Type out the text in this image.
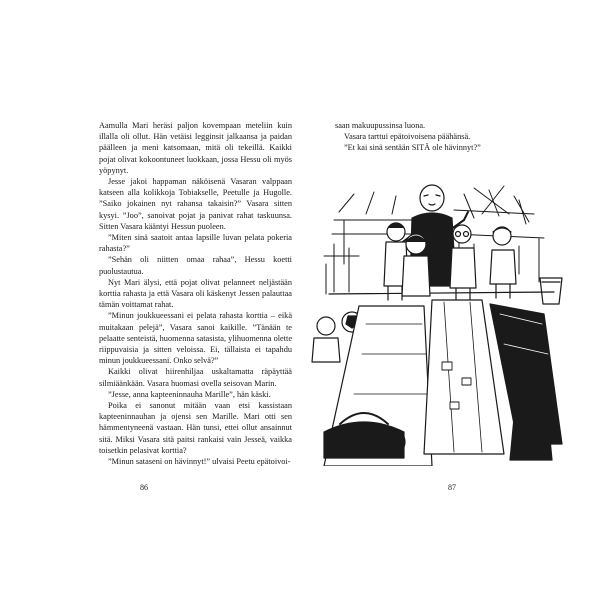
Aamulla Mari heräsi paljon kovempaan meteliin kuin illalla oli ollut. Hän vetäisi legginsit jalkaansa ja paidan päälleen ja meni katsomaan, mitä oli tekeillä. Kaikki pojat olivat kokoontuneet luokkaan, jossa Hessu oli myös yöpynyt.

Jesse jakoi happaman näköisenä Vasaran valppaan katseen alla kolikkoja Tobiakselle, Peetulle ja Hugolle. ”Saiko jokainen nyt rahansa takaisin?” Vasara sitten kysyi. ”Joo”, sanoivat pojat ja panivat rahat taskuunsa. Sitten Vasara kääntyi Hessun puoleen.

”Miten sinä saatoit antaa lapsille luvan pelata pokeria rahasta?”

”Sehän oli niitten omaa rahaa”, Hessu koetti puolustautua.

Nyt Mari älysi, että pojat olivat pelanneet neljästään korttia rahasta ja että Vasara oli käskenyt Jessen palauttaa tämän voittamat rahat.

”Minun joukkueessani ei pelata rahasta korttia – eikä muitakaan pelejä”, Vasara sanoi kaikille. ”Tänään te pelaatte senteistä, huomenna satasista, ylihuomenna olette riippuvaisia ja sitten veloissa. Ei, tällaista ei tapahdu minun joukkueessani. Onko selvä?”

Kaikki olivat hiirenhiljaa uskaltamatta räpäyttää silmiäänkään. Vasara huomasi ovella seisovan Marin.

”Jesse, anna kapteeninnauha Marille”, hän käski.

Poika ei sanonut mitään vaan etsi kassistaan kapteeninnauhan ja ojensi sen Marille. Mari otti sen hämmentyneenä vastaan. Hän tunsi, ettei ollut ansainnut sitä. Miksi Vasara sitä paitsi rankaisi vain Jesseä, vaikka toisetkin pelasivat korttia?

”Minun sataseni on hävinnyt!” ulvaisi Peetu epätoivoi-

86

saan makuupussinsa luona.

Vasara tarttui epätoivoisena päähänsä.

”Et kai sinä sentään SITÄ ole hävinnyt?”

87
